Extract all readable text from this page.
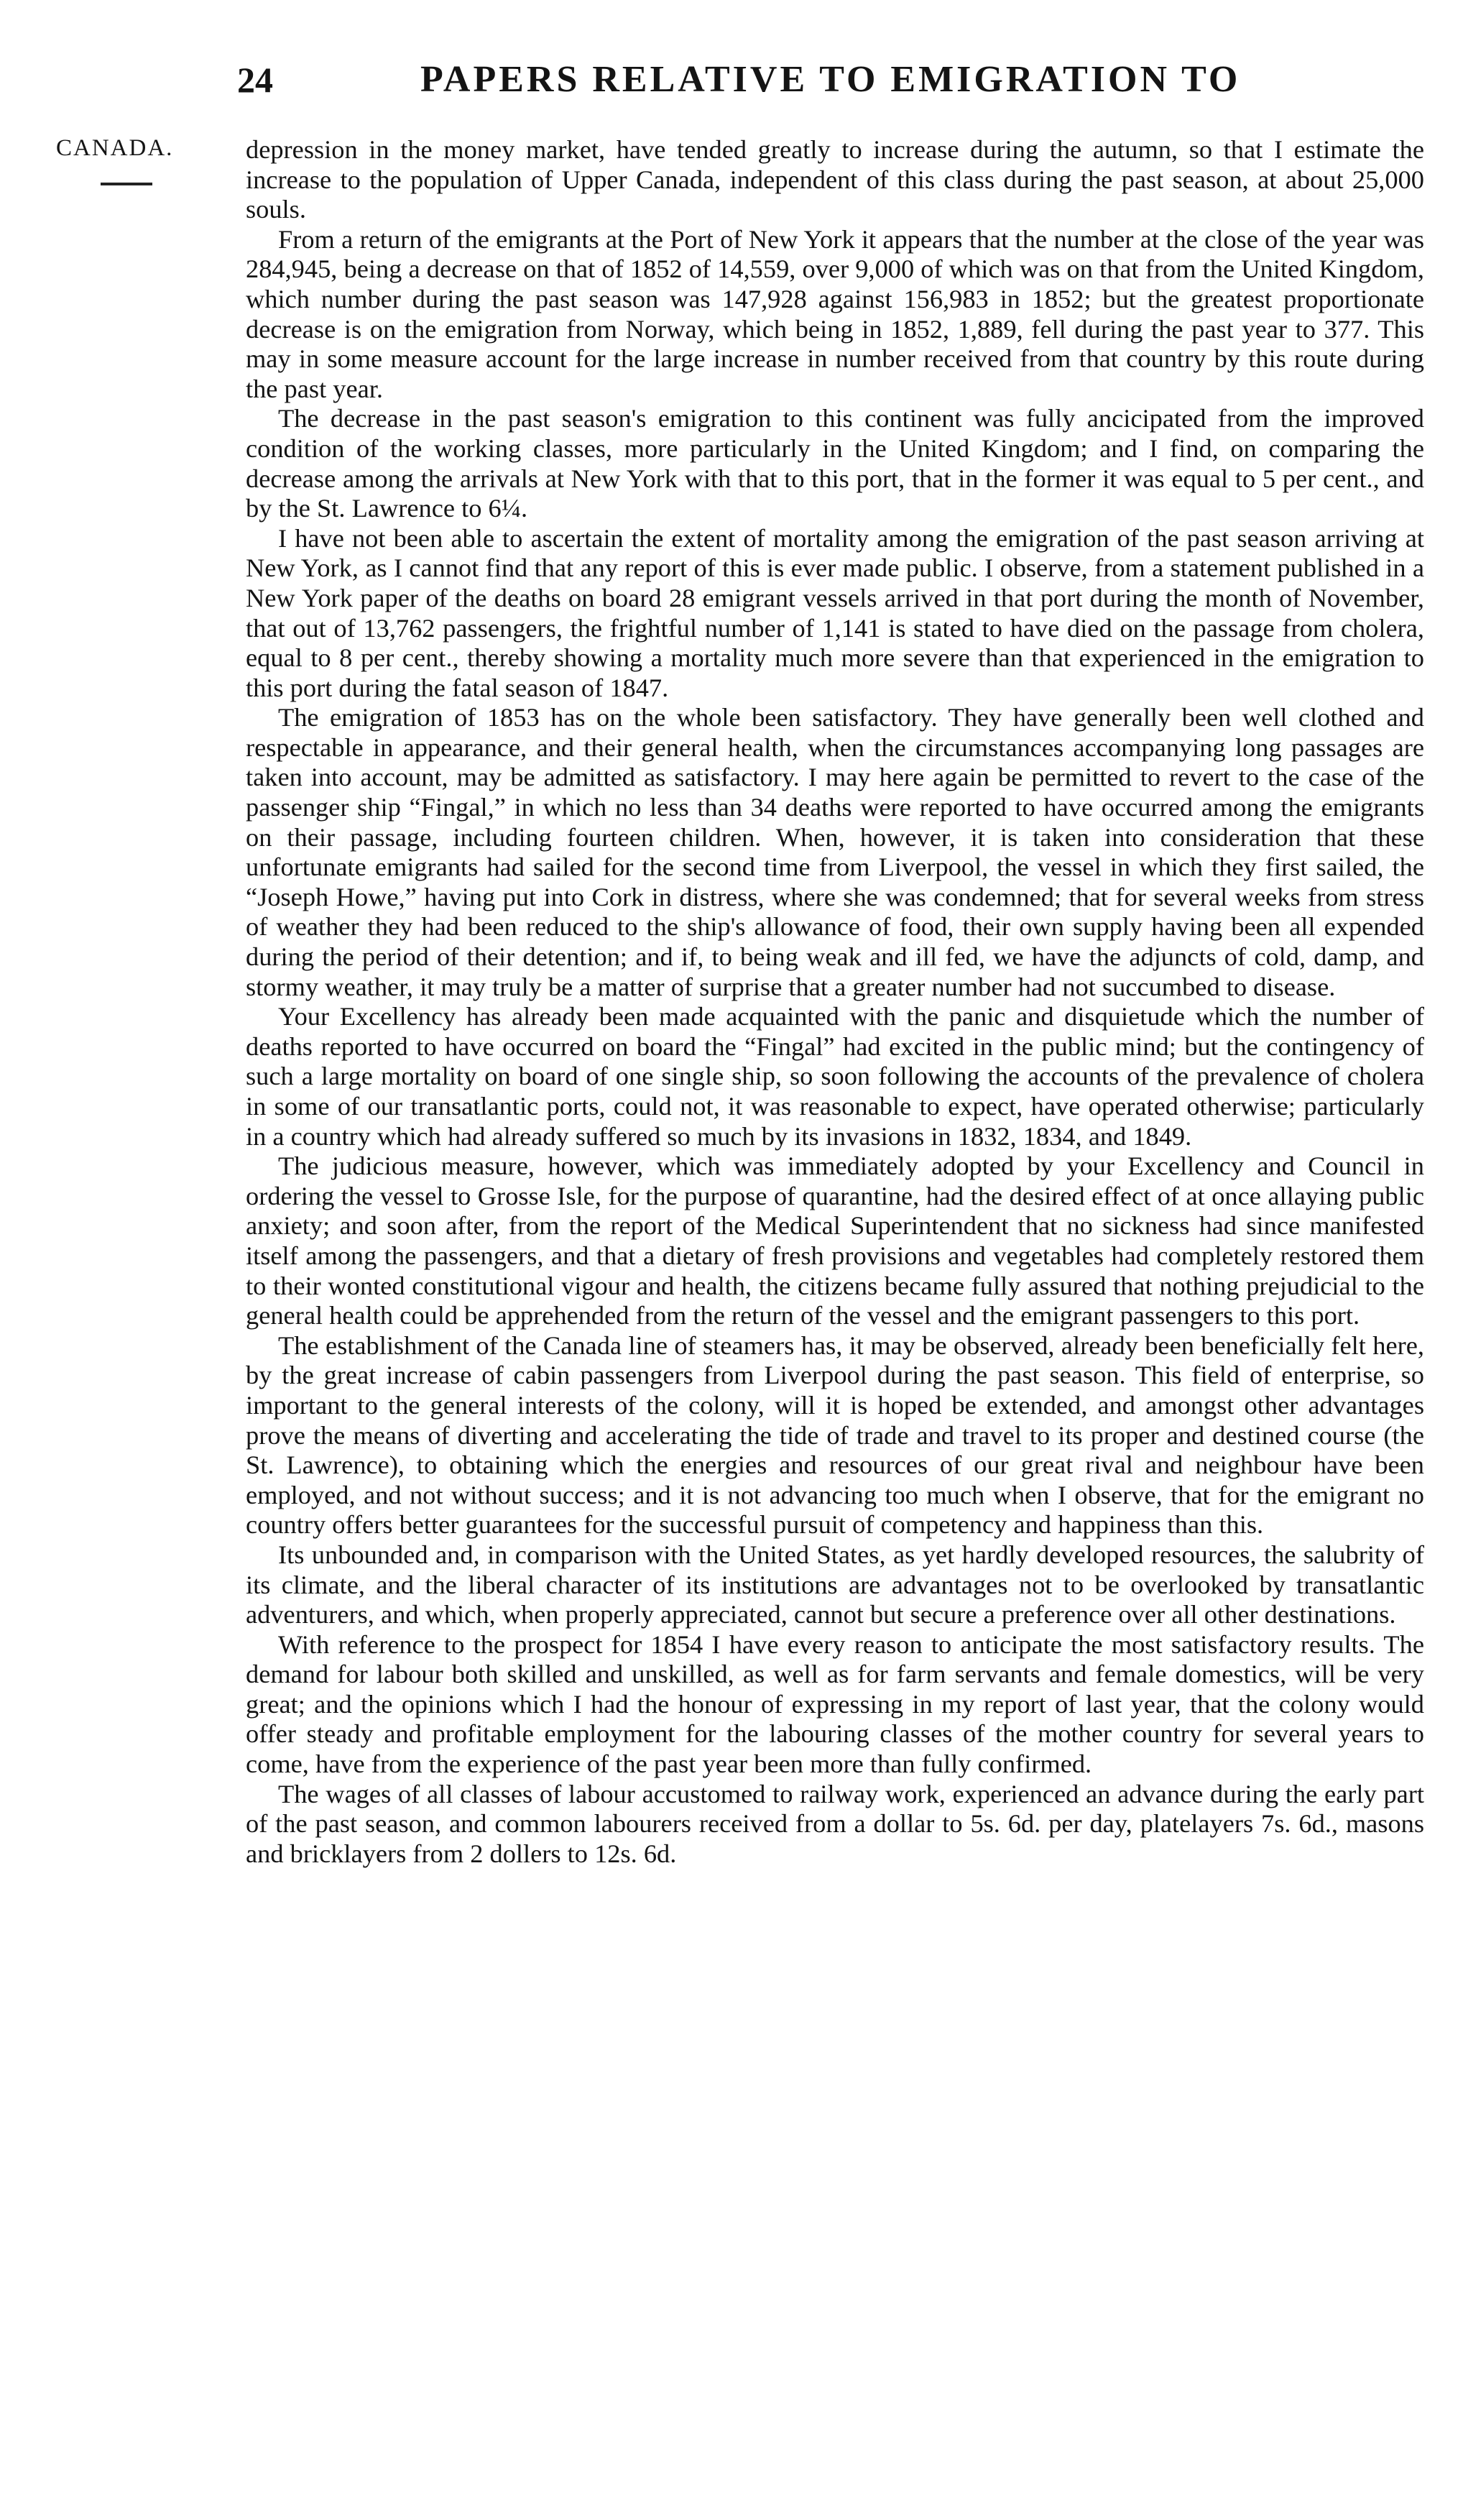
24	PAPERS RELATIVE TO EMIGRATION TO
CANADA.	depression in the money market, have tended greatly to increase during the autumn, so that I estimate the increase to the population of Upper Canada, independent of this class during the past season, at about 25,000 souls.

From a return of the emigrants at the Port of New York it appears that the number at the close of the year was 284,945, being a decrease on that of 1852 of 14,559, over 9,000 of which was on that from the United Kingdom, which number during the past season was 147,928 against 156,983 in 1852; but the greatest proportionate decrease is on the emigration from Norway, which being in 1852, 1,889, fell during the past year to 377. This may in some measure account for the large increase in number received from that country by this route during the past year.

The decrease in the past season's emigration to this continent was fully ancicipated from the improved condition of the working classes, more particularly in the United Kingdom; and I find, on comparing the decrease among the arrivals at New York with that to this port, that in the former it was equal to 5 per cent., and by the St. Lawrence to 6¼.

I have not been able to ascertain the extent of mortality among the emigration of the past season arriving at New York, as I cannot find that any report of this is ever made public. I observe, from a statement published in a New York paper of the deaths on board 28 emigrant vessels arrived in that port during the month of November, that out of 13,762 passengers, the frightful number of 1,141 is stated to have died on the passage from cholera, equal to 8 per cent., thereby showing a mortality much more severe than that experienced in the emigration to this port during the fatal season of 1847.

The emigration of 1853 has on the whole been satisfactory. They have generally been well clothed and respectable in appearance, and their general health, when the circumstances accompanying long passages are taken into account, may be admitted as satisfactory. I may here again be permitted to revert to the case of the passenger ship “Fingal,” in which no less than 34 deaths were reported to have occurred among the emigrants on their passage, including fourteen children. When, however, it is taken into consideration that these unfortunate emigrants had sailed for the second time from Liverpool, the vessel in which they first sailed, the “Joseph Howe,” having put into Cork in distress, where she was condemned; that for several weeks from stress of weather they had been reduced to the ship's allowance of food, their own supply having been all expended during the period of their detention; and if, to being weak and ill fed, we have the adjuncts of cold, damp, and stormy weather, it may truly be a matter of surprise that a greater number had not succumbed to disease.

Your Excellency has already been made acquainted with the panic and disquietude which the number of deaths reported to have occurred on board the “Fingal” had excited in the public mind; but the contingency of such a large mortality on board of one single ship, so soon following the accounts of the prevalence of cholera in some of our transatlantic ports, could not, it was reasonable to expect, have operated otherwise; particularly in a country which had already suffered so much by its invasions in 1832, 1834, and 1849.

The judicious measure, however, which was immediately adopted by your Excellency and Council in ordering the vessel to Grosse Isle, for the purpose of quarantine, had the desired effect of at once allaying public anxiety; and soon after, from the report of the Medical Superintendent that no sickness had since manifested itself among the passengers, and that a dietary of fresh provisions and vegetables had completely restored them to their wonted constitutional vigour and health, the citizens became fully assured that nothing prejudicial to the general health could be apprehended from the return of the vessel and the emigrant passengers to this port.

The establishment of the Canada line of steamers has, it may be observed, already been beneficially felt here, by the great increase of cabin passengers from Liverpool during the past season. This field of enterprise, so important to the general interests of the colony, will it is hoped be extended, and amongst other advantages prove the means of diverting and accelerating the tide of trade and travel to its proper and destined course (the St. Lawrence), to obtaining which the energies and resources of our great rival and neighbour have been employed, and not without success; and it is not advancing too much when I observe, that for the emigrant no country offers better guarantees for the successful pursuit of competency and happiness than this.

Its unbounded and, in comparison with the United States, as yet hardly developed resources, the salubrity of its climate, and the liberal character of its institutions are advantages not to be overlooked by transatlantic adventurers, and which, when properly appreciated, cannot but secure a preference over all other destinations.

With reference to the prospect for 1854 I have every reason to anticipate the most satisfactory results. The demand for labour both skilled and unskilled, as well as for farm servants and female domestics, will be very great; and the opinions which I had the honour of expressing in my report of last year, that the colony would offer steady and profitable employment for the labouring classes of the mother country for several years to come, have from the experience of the past year been more than fully confirmed.

The wages of all classes of labour accustomed to railway work, experienced an advance during the early part of the past season, and common labourers received from a dollar to 5s. 6d. per day, platelayers 7s. 6d., masons and bricklayers from 2 dollers to 12s. 6d.
